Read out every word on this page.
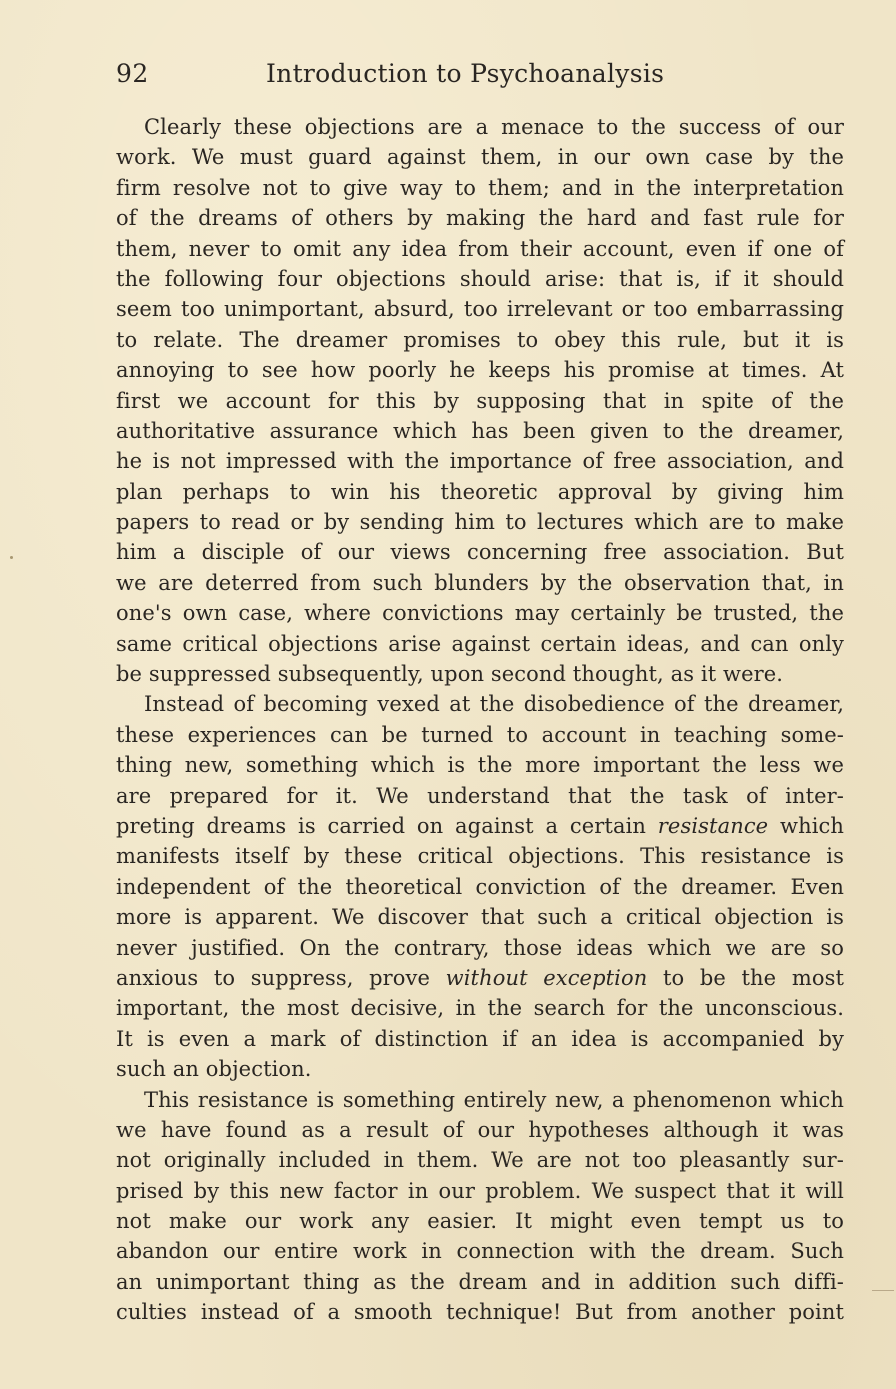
92	Introduction to Psychoanalysis
Clearly these objections are a menace to the success of our
work. We must guard against them, in our own case by the
firm resolve not to give way to them; and in the interpretation
of the dreams of others by making the hard and fast rule for
them, never to omit any idea from their account, even if one of
the following four objections should arise: that is, if it should
seem too unimportant, absurd, too irrelevant or too embarrassing
to relate. The dreamer promises to obey this rule, but it is
annoying to see how poorly he keeps his promise at times. At
first we account for this by supposing that in spite of the
authoritative assurance which has been given to the dreamer,
he is not impressed with the importance of free association, and
plan perhaps to win his theoretic approval by giving him
papers to read or by sending him to lectures which are to make
him a disciple of our views concerning free association. But
we are deterred from such blunders by the observation that, in
one's own case, where convictions may certainly be trusted, the
same critical objections arise against certain ideas, and can only
be suppressed subsequently, upon second thought, as it were.
Instead of becoming vexed at the disobedience of the dreamer,
these experiences can be turned to account in teaching some-
thing new, something which is the more important the less we
are prepared for it. We understand that the task of inter-
preting dreams is carried on against a certain resistance which
manifests itself by these critical objections. This resistance is
independent of the theoretical conviction of the dreamer. Even
more is apparent. We discover that such a critical objection is
never justified. On the contrary, those ideas which we are so
anxious to suppress, prove without exception to be the most
important, the most decisive, in the search for the unconscious.
It is even a mark of distinction if an idea is accompanied by
such an objection.
This resistance is something entirely new, a phenomenon which
we have found as a result of our hypotheses although it was
not originally included in them. We are not too pleasantly sur-
prised by this new factor in our problem. We suspect that it will
not make our work any easier. It might even tempt us to
abandon our entire work in connection with the dream. Such
an unimportant thing as the dream and in addition such diffi-
culties instead of a smooth technique! But from another point
